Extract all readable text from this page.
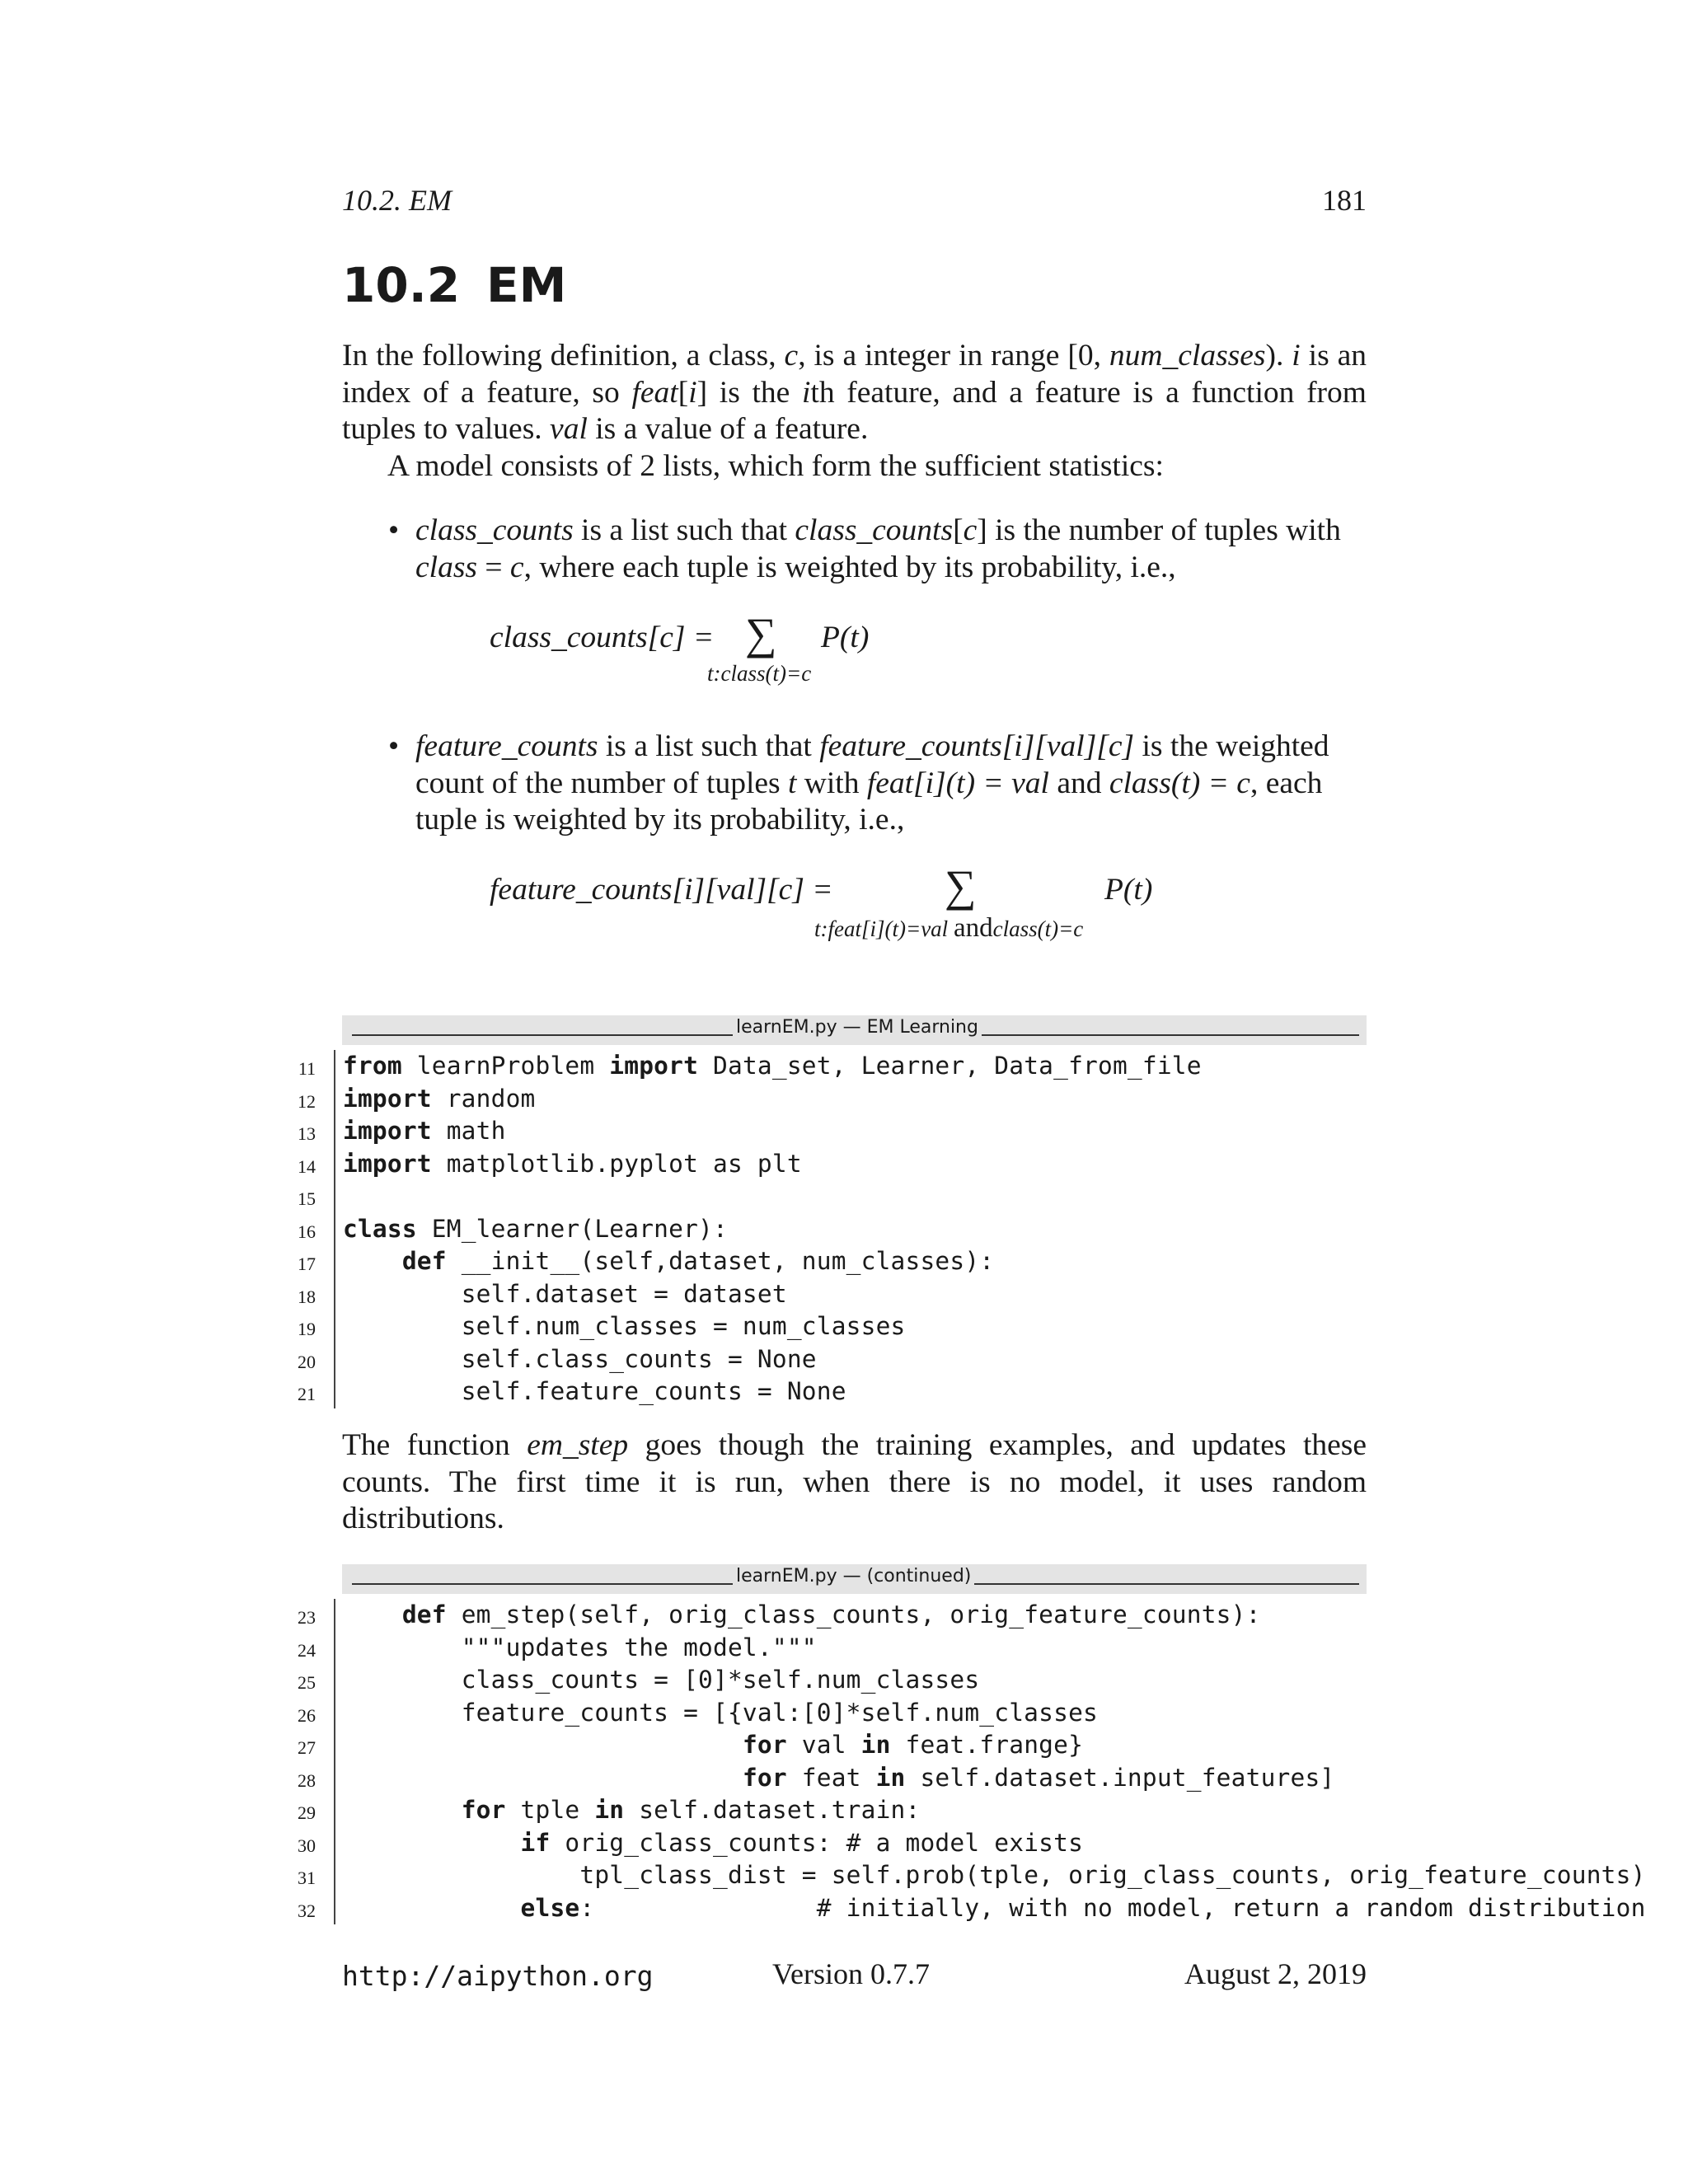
10.2. EM	181
10.2 EM
In the following definition, a class, c, is a integer in range [0, num_classes). i is an index of a feature, so feat[i] is the ith feature, and a feature is a function from tuples to values. val is a value of a feature.
A model consists of 2 lists, which form the sufficient statistics:
• class_counts is a list such that class_counts[c] is the number of tuples with
class = c, where each tuple is weighted by its probability, i.e.,
class_counts[c] = ∑
t:class(t)=c
P(t)
• feature_counts is a list such that feature_counts[i][val][c] is the weighted count of the number of tuples t with feat[i](t) = val and class(t) = c, each tuple is weighted by its probability, i.e.,
feature_counts[i][val][c] =	∑
t:feat[i](t)=val andclass(t)=c
P(t)
learnEM.py — EM Learning
11 from learnProblem import Data_set, Learner, Data_from_file
12 import random
13 import math
14 import matplotlib.pyplot as plt
15
16 class EM_learner(Learner):
17	def __init__(self,dataset, num_classes):
18	self.dataset = dataset
19	self.num_classes = num_classes
20	self.class_counts = None
21	self.feature_counts = None
The function em_step goes though the training examples, and updates these counts. The first time it is run, when there is no model, it uses random distributions.
learnEM.py — (continued)
23	def em_step(self, orig_class_counts, orig_feature_counts):
24	"""updates the model."""
25	class_counts = [0]*self.num_classes
26	feature_counts = [{val:[0]*self.num_classes
27	for val in feat.frange}
28	for feat in self.dataset.input_features]
29	for tple in self.dataset.train:
30	if orig_class_counts: # a model exists
31	tpl_class_dist = self.prob(tple, orig_class_counts, orig_feature_counts)
32	else:               # initially, with no model, return a random distribution
http://aipython.org	Version 0.7.7	August 2, 2019
